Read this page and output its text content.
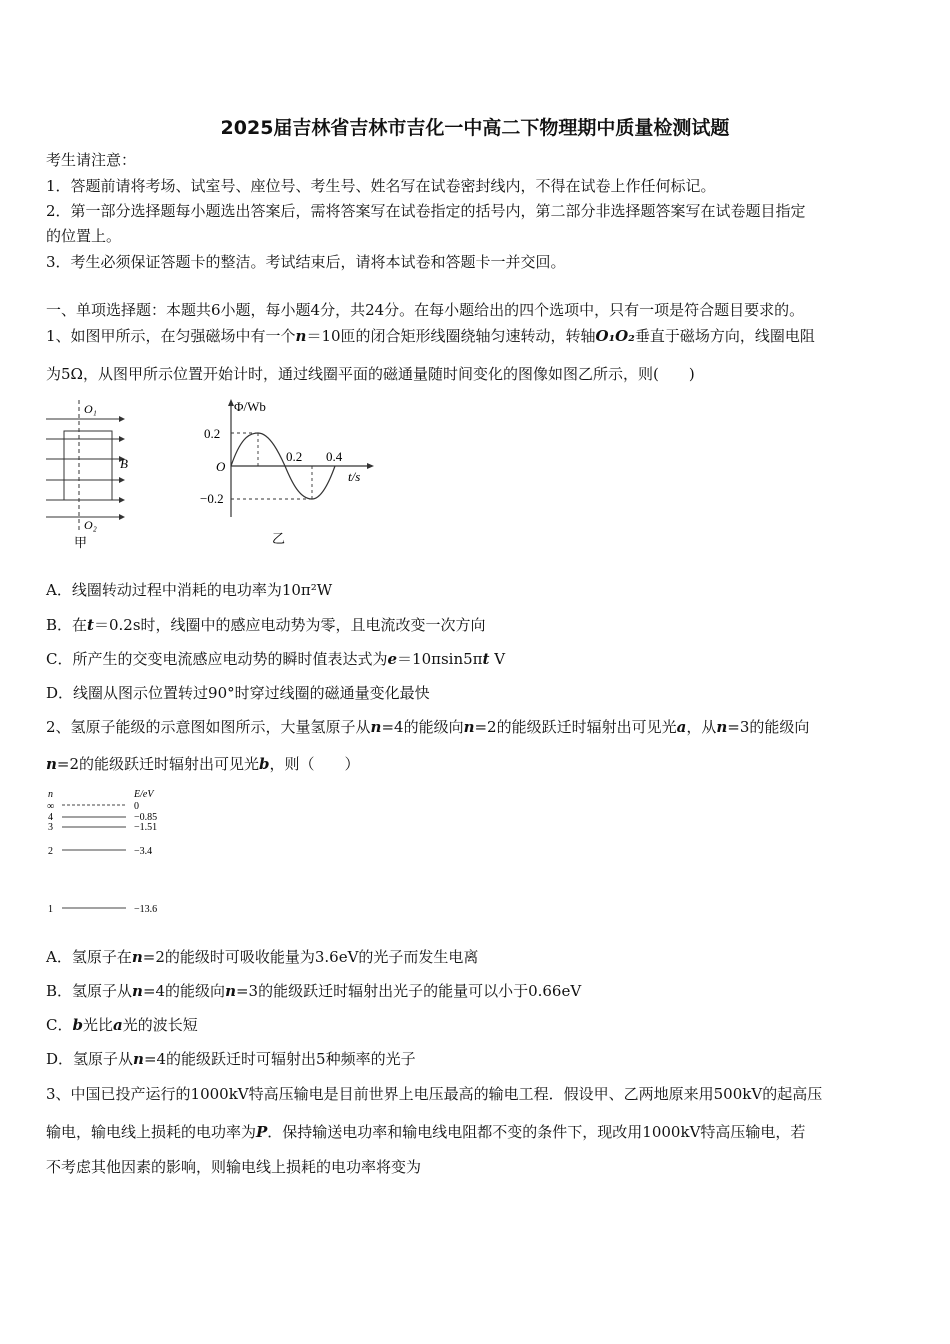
2025届吉林省吉林市吉化一中高二下物理期中质量检测试题
考生请注意：
1．答题前请将考场、试室号、座位号、考生号、姓名写在试卷密封线内，不得在试卷上作任何标记。
2．第一部分选择题每小题选出答案后，需将答案写在试卷指定的括号内，第二部分非选择题答案写在试卷题目指定
的位置上。
3．考生必须保证答题卡的整洁。考试结束后，请将本试卷和答题卡一并交回。
一、单项选择题：本题共6小题，每小题4分，共24分。在每小题给出的四个选项中，只有一项是符合题目要求的。
1、如图甲所示，在匀强磁场中有一个n＝10匝的闭合矩形线圈绕轴匀速转动，转轴O₁O₂垂直于磁场方向，线圈电阻
为5Ω，从图甲所示位置开始计时，通过线圈平面的磁通量随时间变化的图像如图乙所示，则(　　)
O₁
O₂
B
甲
Φ/Wb
0.2
O
−0.2
0.2 0.4
t/s
乙
A．线圈转动过程中消耗的电功率为10π²W
B．在t＝0.2s时，线圈中的感应电动势为零，且电流改变一次方向
C．所产生的交变电流感应电动势的瞬时值表达式为e＝10πsin5πt V
D．线圈从图示位置转过90°时穿过线圈的磁通量变化最快
2、氢原子能级的示意图如图所示，大量氢原子从n=4的能级向n=2的能级跃迁时辐射出可见光a，从n=3的能级向
n=2的能级跃迁时辐射出可见光b，则（　　）
n	E/eV
∞	0
4	−0.85
3	−1.51
2	−3.4
1	−13.6
A．氢原子在n=2的能级时可吸收能量为3.6eV的光子而发生电离
B．氢原子从n=4的能级向n=3的能级跃迁时辐射出光子的能量可以小于0.66eV
C．b光比a光的波长短
D．氢原子从n=4的能级跃迁时可辐射出5种频率的光子
3、中国已投产运行的1000kV特高压输电是目前世界上电压最高的输电工程．假设甲、乙两地原来用500kV的起高压
输电，输电线上损耗的电功率为P．保持输送电功率和输电线电阻都不变的条件下，现改用1000kV特高压输电，若
不考虑其他因素的影响，则输电线上损耗的电功率将变为
